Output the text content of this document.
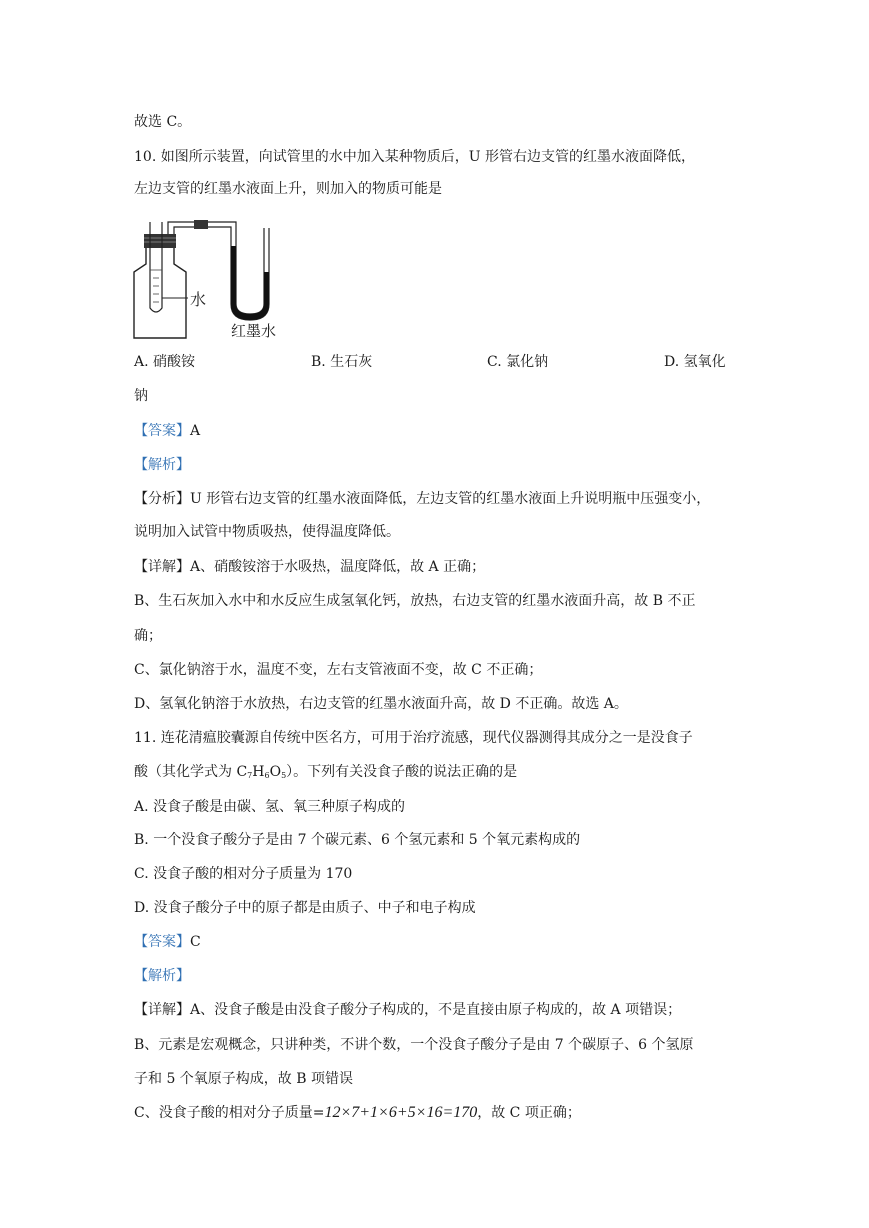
故选 C。
10. 如图所示装置，向试管里的水中加入某种物质后，U 形管右边支管的红墨水液面降低，
左边支管的红墨水液面上升，则加入的物质可能是
水
红墨水
A. 硝酸铵	B. 生石灰	C. 氯化钠	D. 氢氧化
钠
【答案】A
【解析】
【分析】U 形管右边支管的红墨水液面降低，左边支管的红墨水液面上升说明瓶中压强变小，
说明加入试管中物质吸热，使得温度降低。
【详解】A、硝酸铵溶于水吸热，温度降低，故 A 正确；
B、生石灰加入水中和水反应生成氢氧化钙，放热，右边支管的红墨水液面升高，故 B 不正
确；
C、氯化钠溶于水，温度不变，左右支管液面不变，故 C 不正确；
D、氢氧化钠溶于水放热，右边支管的红墨水液面升高，故 D 不正确。故选 A。
11. 连花清瘟胶囊源自传统中医名方，可用于治疗流感，现代仪器测得其成分之一是没食子
酸（其化学式为 $C_7H_6O_5$）。下列有关没食子酸的说法正确的是
A. 没食子酸是由碳、氢、氧三种原子构成的
B. 一个没食子酸分子是由 7 个碳元素、6 个氢元素和 5 个氧元素构成的
C. 没食子酸的相对分子质量为 170
D. 没食子酸分子中的原子都是由质子、中子和电子构成
【答案】C
【解析】
【详解】A、没食子酸是由没食子酸分子构成的，不是直接由原子构成的，故 A 项错误；
B、元素是宏观概念，只讲种类，不讲个数，一个没食子酸分子是由 7 个碳原子、6 个氢原
子和 5 个氧原子构成，故 B 项错误
C、没食子酸的相对分子质量=12×7+1×6+5×16=170，故 C 项正确；
